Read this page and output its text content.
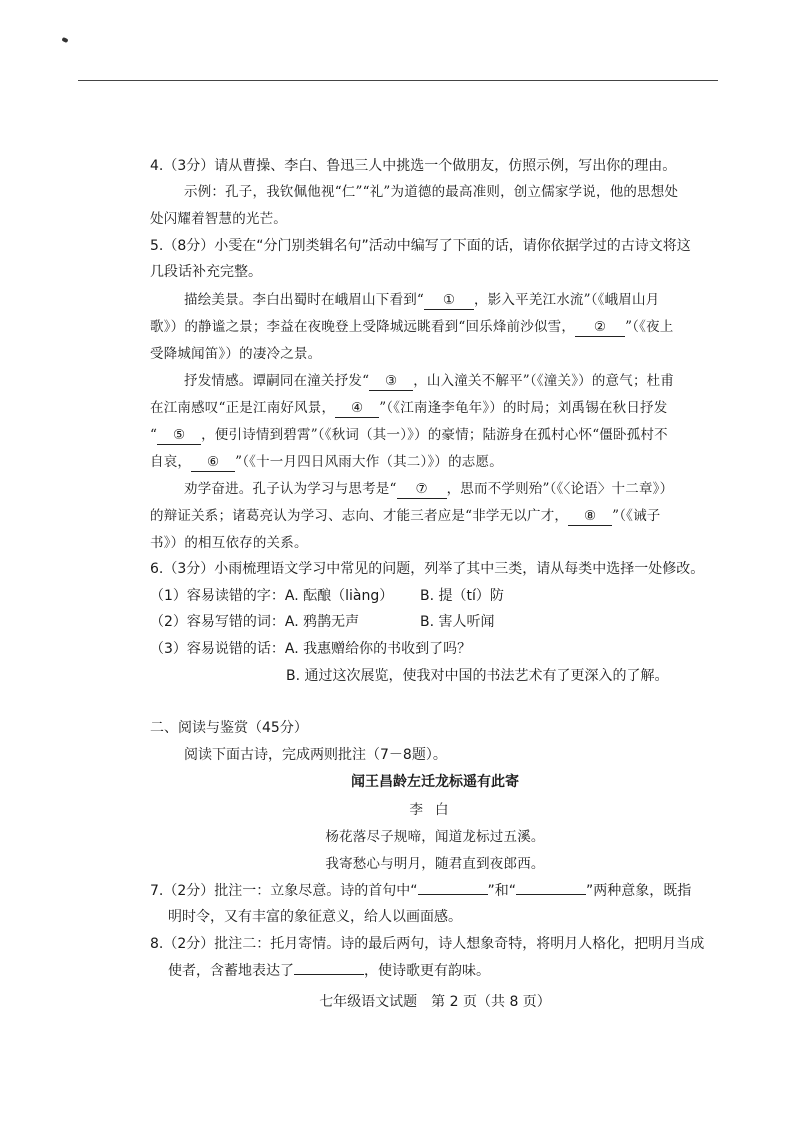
4.（3分）请从曹操、李白、鲁迅三人中挑选一个做朋友，仿照示例，写出你的理由。
示例：孔子，我钦佩他视“仁”“礼”为道德的最高准则，创立儒家学说，他的思想处
处闪耀着智慧的光芒。
5.（8分）小雯在“分门别类辑名句”活动中编写了下面的话，请你依据学过的古诗文将这
几段话补充完整。
描绘美景。李白出蜀时在峨眉山下看到“ ① ，影入平羌江水流”（《峨眉山月
歌》）的静谧之景；李益在夜晚登上受降城远眺看到“回乐烽前沙似雪， ② ”（《夜上
受降城闻笛》）的凄冷之景。
抒发情感。谭嗣同在潼关抒发“ ③ ，山入潼关不解平”（《潼关》）的意气；杜甫
在江南感叹“正是江南好风景， ④ ”（《江南逢李龟年》）的时局；刘禹锡在秋日抒发
“ ⑤ ，便引诗情到碧霄”（《秋词（其一）》）的豪情；陆游身在孤村心怀“僵卧孤村不
自哀， ⑥ ”（《十一月四日风雨大作（其二）》）的志愿。
劝学奋进。孔子认为学习与思考是“ ⑦ ，思而不学则殆”（《〈论语〉十二章》）
的辩证关系；诸葛亮认为学习、志向、才能三者应是“非学无以广才， ⑧ ”（《诫子
书》）的相互依存的关系。
6.（3分）小雨梳理语文学习中常见的问题，列举了其中三类，请从每类中选择一处修改。
（1）容易读错的字：A. 酝酿（liàng） B. 提（tí）防
（2）容易写错的词：A. 鸦鹊无声	B. 害人听闻
（3）容易说错的话：A. 我惠赠给你的书收到了吗？
B. 通过这次展览，使我对中国的书法艺术有了更深入的了解。
二、阅读与鉴赏（45分）
阅读下面古诗，完成两则批注（7－8题）。
闻王昌龄左迁龙标遥有此寄
李白
杨花落尽子规啼，闻道龙标过五溪。
我寄愁心与明月，随君直到夜郎西。
7.（2分）批注一：立象尽意。诗的首句中“	”和“	”两种意象，既指
明时令，又有丰富的象征意义，给人以画面感。
8.（2分）批注二：托月寄情。诗的最后两句，诗人想象奇特，将明月人格化，把明月当成
使者，含蓄地表达了	，使诗歌更有韵味。
七年级语文试题　第 2 页（共 8 页）
